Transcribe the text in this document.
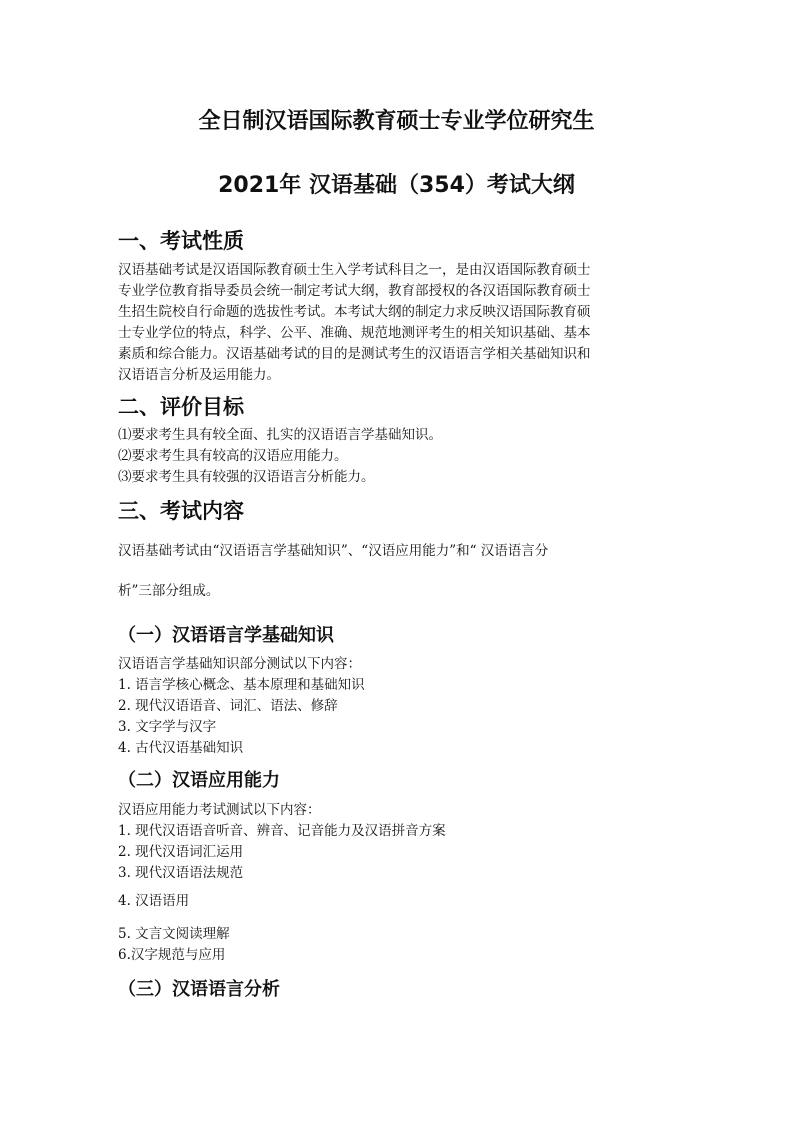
全日制汉语国际教育硕士专业学位研究生
2021年 汉语基础（354）考试大纲
一、考试性质
汉语基础考试是汉语国际教育硕士生入学考试科目之一，是由汉语国际教育硕士
专业学位教育指导委员会统一制定考试大纲，教育部授权的各汉语国际教育硕士
生招生院校自行命题的选拔性考试。本考试大纲的制定力求反映汉语国际教育硕
士专业学位的特点，科学、公平、准确、规范地测评考生的相关知识基础、基本
素质和综合能力。汉语基础考试的目的是测试考生的汉语语言学相关基础知识和
汉语语言分析及运用能力。
二、评价目标
⑴要求考生具有较全面、扎实的汉语语言学基础知识。
⑵要求考生具有较高的汉语应用能力。
⑶要求考生具有较强的汉语语言分析能力。
三、考试内容
汉语基础考试由“汉语语言学基础知识”、“汉语应用能力”和“ 汉语语言分
析”三部分组成。
（一）汉语语言学基础知识
汉语语言学基础知识部分测试以下内容：
1. 语言学核心概念、基本原理和基础知识
2. 现代汉语语音、词汇、语法、修辞
3. 文字学与汉字
4. 古代汉语基础知识
（二）汉语应用能力
汉语应用能力考试测试以下内容：
1. 现代汉语语音听音、辨音、记音能力及汉语拼音方案
2. 现代汉语词汇运用
3. 现代汉语语法规范
4. 汉语语用
5. 文言文阅读理解
6.汉字规范与应用
（三）汉语语言分析
